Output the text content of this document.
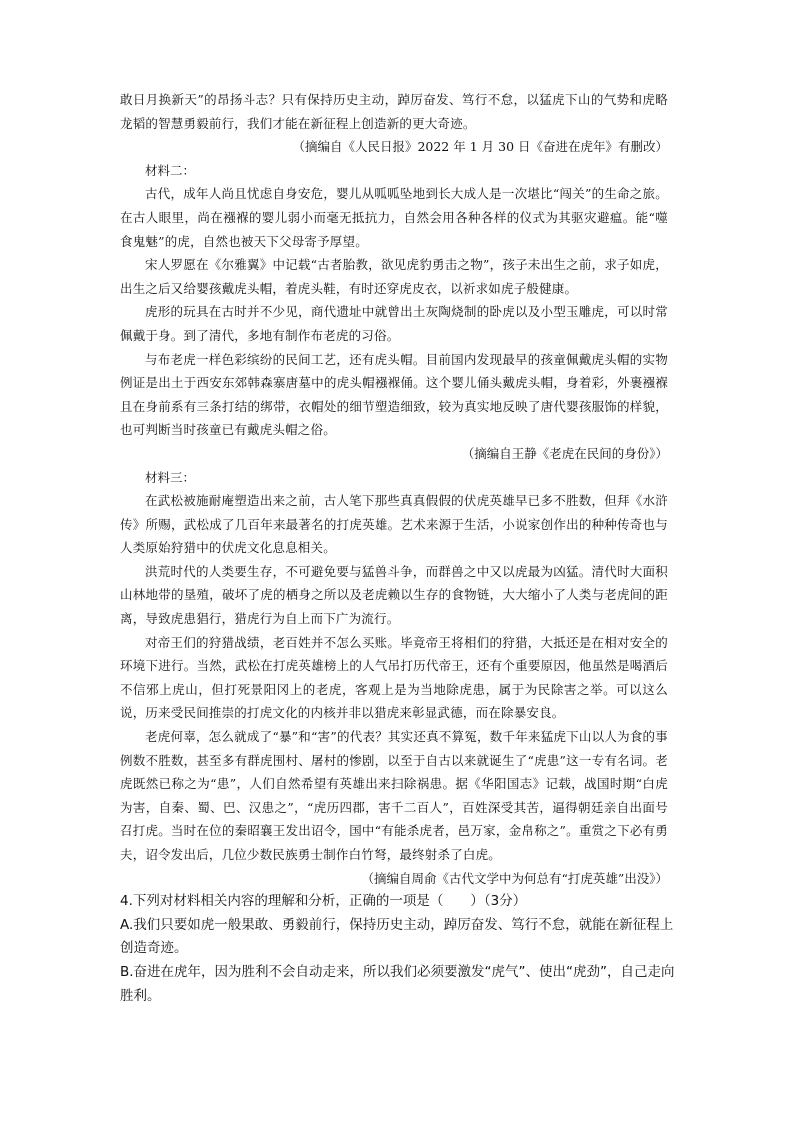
敢日月换新天”的昂扬斗志？只有保持历史主动，踔厉奋发、笃行不怠，以猛虎下山的气势和虎略龙韬的智慧勇毅前行，我们才能在新征程上创造新的更大奇迹。

（摘编自《人民日报》2022 年 1 月 30 日《奋进在虎年》有删改）

材料二：

古代，成年人尚且忧虑自身安危，婴儿从呱呱坠地到长大成人是一次堪比“闯关”的生命之旅。在古人眼里，尚在襁褓的婴儿弱小而毫无抵抗力，自然会用各种各样的仪式为其驱灾避瘟。能“噬食鬼魅”的虎，自然也被天下父母寄予厚望。

宋人罗愿在《尔雅翼》中记载“古者胎教，欲见虎豹勇击之物”，孩子未出生之前，求子如虎，出生之后又给婴孩戴虎头帽，着虎头鞋，有时还穿虎皮衣，以祈求如虎子般健康。

虎形的玩具在古时并不少见，商代遗址中就曾出土灰陶烧制的卧虎以及小型玉雕虎，可以时常佩戴于身。到了清代，多地有制作布老虎的习俗。

与布老虎一样色彩缤纷的民间工艺，还有虎头帽。目前国内发现最早的孩童佩戴虎头帽的实物例证是出土于西安东郊韩森寨唐墓中的虎头帽襁褓俑。这个婴儿俑头戴虎头帽，身着彩，外裹襁褓且在身前系有三条打结的绑带，衣帽处的细节塑造细致，较为真实地反映了唐代婴孩服饰的样貌，也可判断当时孩童已有戴虎头帽之俗。

（摘编自王静《老虎在民间的身份》）

材料三：

在武松被施耐庵塑造出来之前，古人笔下那些真真假假的伏虎英雄早已多不胜数，但拜《水浒传》所赐，武松成了几百年来最著名的打虎英雄。艺术来源于生活，小说家创作出的种种传奇也与人类原始狩猎中的伏虎文化息息相关。

洪荒时代的人类要生存，不可避免要与猛兽斗争，而群兽之中又以虎最为凶猛。清代时大面积山林地带的垦殖，破坏了虎的栖身之所以及老虎赖以生存的食物链，大大缩小了人类与老虎间的距离，导致虎患猖行，猎虎行为自上而下广为流行。

对帝王们的狩猎战绩，老百姓并不怎么买账。毕竟帝王将相们的狩猎，大抵还是在相对安全的环境下进行。当然，武松在打虎英雄榜上的人气吊打历代帝王，还有个重要原因，他虽然是喝酒后不信邪上虎山，但打死景阳冈上的老虎，客观上是为当地除虎患，属于为民除害之举。可以这么说，历来受民间推崇的打虎文化的内核并非以猎虎来彰显武德，而在除暴安良。

老虎何辜，怎么就成了“暴”和“害”的代表？其实还真不算冤，数千年来猛虎下山以人为食的事例数不胜数，甚至多有群虎围村、屠村的惨剧，以至于自古以来就诞生了“虎患”这一专有名词。老虎既然已称之为“患”，人们自然希望有英雄出来扫除祸患。据《华阳国志》记载，战国时期“白虎为害，自秦、蜀、巴、汉患之”，“虎历四郡，害千二百人”，百姓深受其苦，逼得朝廷亲自出面号召打虎。当时在位的秦昭襄王发出诏令，国中“有能杀虎者，邑万家，金帛称之”。重赏之下必有勇夫，诏令发出后，几位少数民族勇士制作白竹弩，最终射杀了白虎。

（摘编自周俞《古代文学中为何总有“打虎英雄”出没》）

4.下列对材料相关内容的理解和分析，正确的一项是（　　）（3分）
A.我们只要如虎一般果敢、勇毅前行，保持历史主动，踔厉奋发、笃行不怠，就能在新征程上创造奇迹。
B.奋进在虎年，因为胜利不会自动走来，所以我们必须要激发“虎气”、使出“虎劲”，自己走向胜利。
